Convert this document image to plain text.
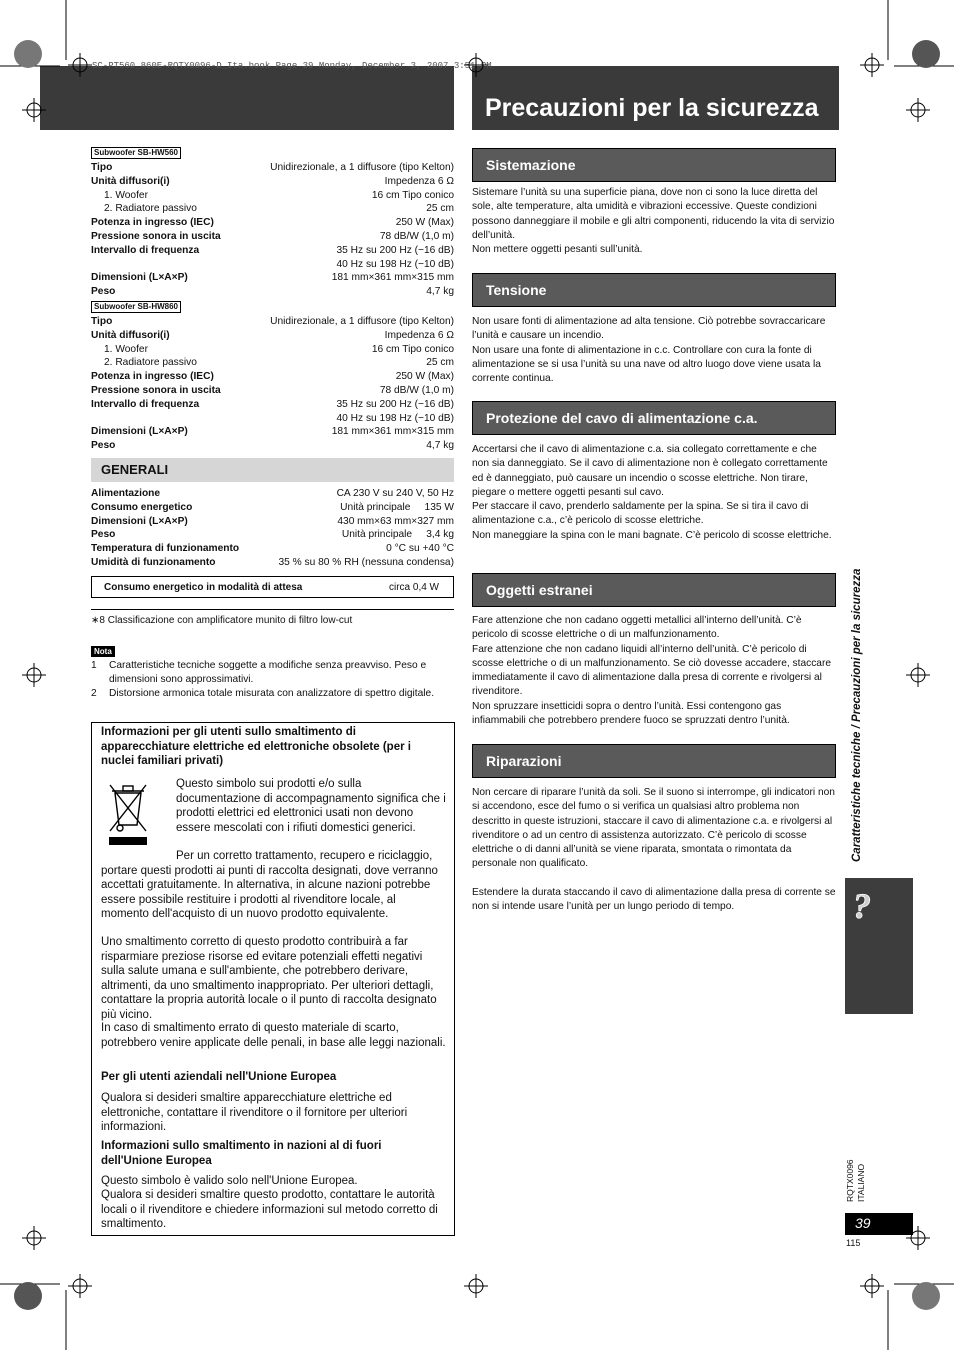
SC-PT560_860E-RQTX0096-D_Ita.book Page 39 Monday, December 3, 2007 3:51 PM
Precauzioni per la sicurezza
Subwoofer SB-HW560
Tipo	Unidirezionale, a 1 diffusore (tipo Kelton)
Unità diffusori(i)	Impedenza 6 Ω
1. Woofer	16 cm Tipo conico
2. Radiatore passivo	25 cm
Potenza in ingresso (IEC)	250 W (Max)
Pressione sonora in uscita	78 dB/W (1,0 m)
Intervallo di frequenza	35 Hz su 200 Hz (−16 dB)
40 Hz su 198 Hz (−10 dB)
Dimensioni (L×A×P)	181 mm×361 mm×315 mm
Peso	4,7 kg
Subwoofer SB-HW860
Tipo	Unidirezionale, a 1 diffusore (tipo Kelton)
Unità diffusori(i)	Impedenza 6 Ω
1. Woofer	16 cm Tipo conico
2. Radiatore passivo	25 cm
Potenza in ingresso (IEC)	250 W (Max)
Pressione sonora in uscita	78 dB/W (1,0 m)
Intervallo di frequenza	35 Hz su 200 Hz (−16 dB)
40 Hz su 198 Hz (−10 dB)
Dimensioni (L×A×P)	181 mm×361 mm×315 mm
Peso	4,7 kg
GENERALI
Alimentazione	CA 230 V su 240 V, 50 Hz
Consumo energetico	Unità principale     135 W
Dimensioni (L×A×P)	430 mm×63 mm×327 mm
Peso	Unità principale     3,4 kg
Temperatura di funzionamento	0 °C su +40 °C
Umidità di funzionamento	35 % su 80 % RH (nessuna condensa)
Consumo energetico in modalità di attesa	circa 0,4 W
∗8 Classificazione con amplificatore munito di filtro low-cut
Nota
1	Caratteristiche tecniche soggette a modifiche senza preavviso. Peso e dimensioni sono approssimativi.
2	Distorsione armonica totale misurata con analizzatore di spettro digitale.
Informazioni per gli utenti sullo smaltimento di apparecchiature elettriche ed elettroniche obsolete (per i nuclei familiari privati)
Questo simbolo sui prodotti e/o sulla documentazione di accompagnamento significa che i prodotti elettrici ed elettronici usati non devono essere mescolati con i rifiuti domestici generici.
Per un corretto trattamento, recupero e riciclaggio, portare questi prodotti ai punti di raccolta designati, dove verranno accettati gratuitamente. In alternativa, in alcune nazioni potrebbe essere possibile restituire i prodotti al rivenditore locale, al momento dell'acquisto di un nuovo prodotto equivalente.
Uno smaltimento corretto di questo prodotto contribuirà a far risparmiare preziose risorse ed evitare potenziali effetti negativi sulla salute umana e sull'ambiente, che potrebbero derivare, altrimenti, da uno smaltimento inappropriato. Per ulteriori dettagli, contattare la propria autorità locale o il punto di raccolta designato più vicino.
In caso di smaltimento errato di questo materiale di scarto, potrebbero venire applicate delle penali, in base alle leggi nazionali.
Per gli utenti aziendali nell'Unione Europea
Qualora si desideri smaltire apparecchiature elettriche ed elettroniche, contattare il rivenditore o il fornitore per ulteriori informazioni.
Informazioni sullo smaltimento in nazioni al di fuori dell'Unione Europea
Questo simbolo è valido solo nell'Unione Europea.
Qualora si desideri smaltire questo prodotto, contattare le autorità locali o il rivenditore e chiedere informazioni sul metodo corretto di smaltimento.
Sistemazione
Sistemare l’unità su una superficie piana, dove non ci sono la luce diretta del sole, alte temperature, alta umidità e vibrazioni eccessive. Queste condizioni possono danneggiare il mobile e gli altri componenti, riducendo la vita di servizio dell’unità.
Non mettere oggetti pesanti sull’unità.
Tensione
Non usare fonti di alimentazione ad alta tensione. Ciò potrebbe sovraccaricare l’unità e causare un incendio.
Non usare una fonte di alimentazione in c.c. Controllare con cura la fonte di alimentazione se si usa l’unità su una nave od altro luogo dove viene usata la corrente continua.
Protezione del cavo di alimentazione c.a.
Accertarsi che il cavo di alimentazione c.a. sia collegato correttamente e che non sia danneggiato. Se il cavo di alimentazione non è collegato correttamente ed è danneggiato, può causare un incendio o scosse elettriche. Non tirare, piegare o mettere oggetti pesanti sul cavo.
Per staccare il cavo, prenderlo saldamente per la spina. Se si tira il cavo di alimentazione c.a., c’è pericolo di scosse elettriche.
Non maneggiare la spina con le mani bagnate. C’è pericolo di scosse elettriche.
Oggetti estranei
Fare attenzione che non cadano oggetti metallici all’interno dell’unità. C’è pericolo di scosse elettriche o di un malfunzionamento.
Fare attenzione che non cadano liquidi all’interno dell’unità. C’è pericolo di scosse elettriche o di un malfunzionamento. Se ciò dovesse accadere, staccare immediatamente il cavo di alimentazione dalla presa di corrente e rivolgersi al rivenditore.
Non spruzzare insetticidi sopra o dentro l’unità. Essi contengono gas infiammabili che potrebbero prendere fuoco se spruzzati dentro l’unità.
Riparazioni
Non cercare di riparare l’unità da soli. Se il suono si interrompe, gli indicatori non si accendono, esce del fumo o si verifica un qualsiasi altro problema non descritto in queste istruzioni, staccare il cavo di alimentazione c.a. e rivolgersi al rivenditore o ad un centro di assistenza autorizzato. C’è pericolo di scosse elettriche o di danni all’unità se viene riparata, smontata o rimontata da personale non qualificato.
Estendere la durata staccando il cavo di alimentazione dalla presa di corrente se non si intende usare l’unità per un lungo periodo di tempo.
Caratteristiche tecniche / Precauzioni per la sicurezza
?
RQTX0096 ITALIANO
39
115
